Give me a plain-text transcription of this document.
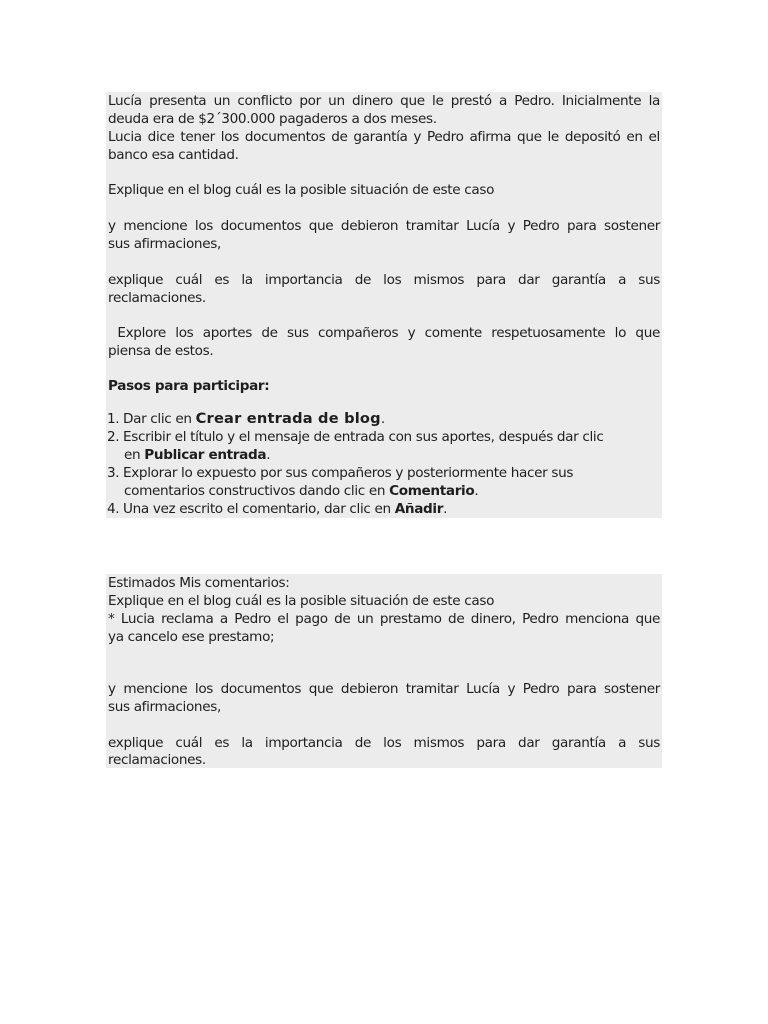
Lucía presenta un conflicto por un dinero que le prestó a Pedro. Inicialmente la
deuda era de $2´300.000 pagaderos a dos meses.
Lucia dice tener los documentos de garantía y Pedro afirma que le depositó en el
banco esa cantidad.
Explique en el blog cuál es la posible situación de este caso
y mencione los documentos que debieron tramitar Lucía y Pedro para sostener
sus afirmaciones,
explique cuál es la importancia de los mismos para dar garantía a sus
reclamaciones.
Explore los aportes de sus compañeros y comente respetuosamente lo que
piensa de estos.
Pasos para participar:
1. Dar clic en Crear entrada de blog.
2. Escribir el título y el mensaje de entrada con sus aportes, después dar clic
en Publicar entrada.
3. Explorar lo expuesto por sus compañeros y posteriormente hacer sus
comentarios constructivos dando clic en Comentario.
4. Una vez escrito el comentario, dar clic en Añadir.
Estimados Mis comentarios:
Explique en el blog cuál es la posible situación de este caso
* Lucia reclama a Pedro el pago de un prestamo de dinero, Pedro menciona que
ya cancelo ese prestamo;
y mencione los documentos que debieron tramitar Lucía y Pedro para sostener
sus afirmaciones,
explique cuál es la importancia de los mismos para dar garantía a sus
reclamaciones.
